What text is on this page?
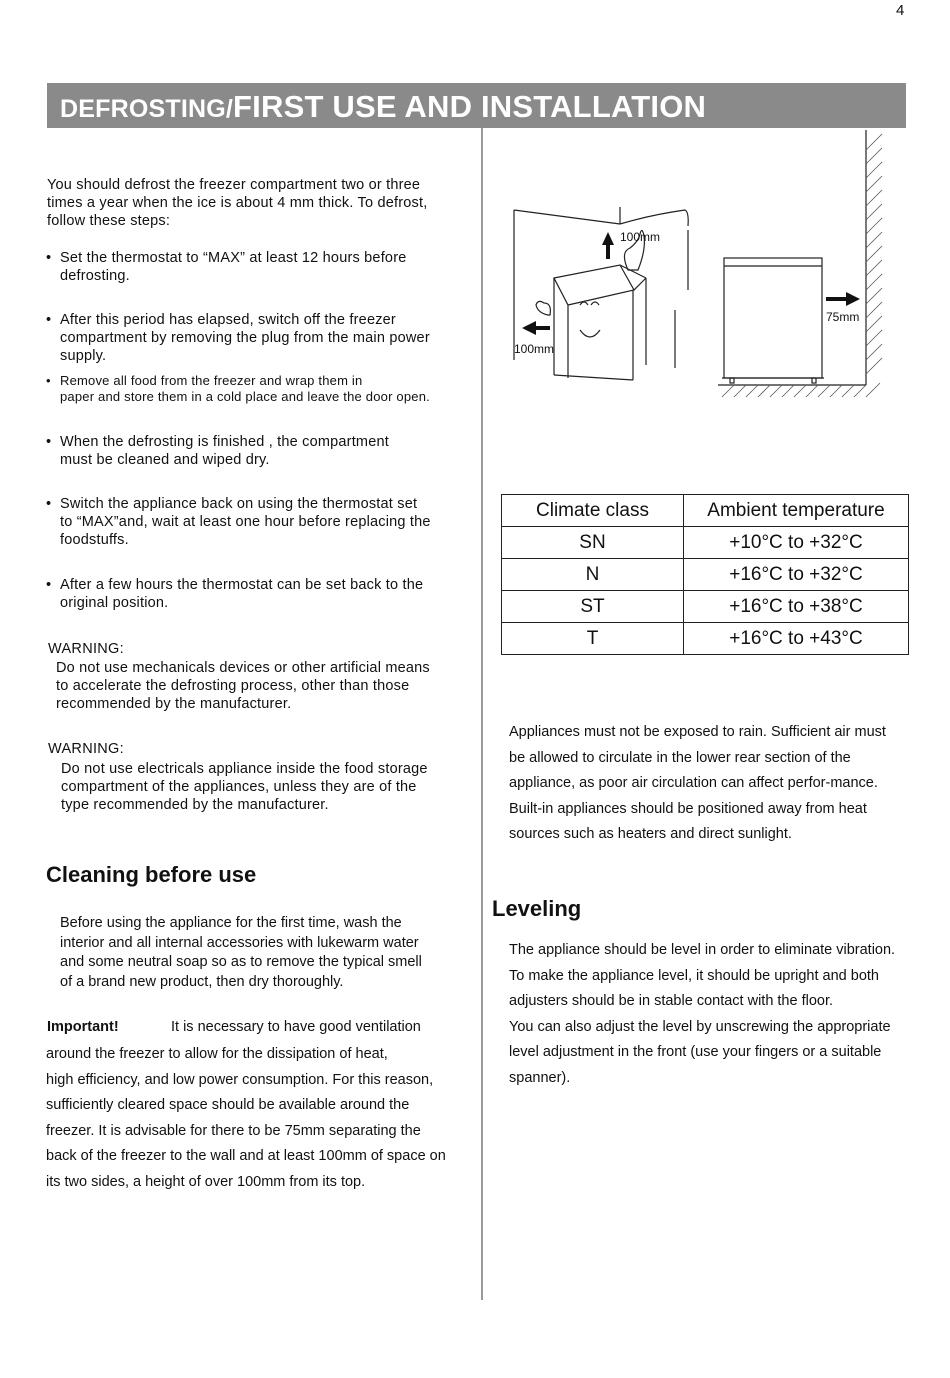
4
DEFROSTING/FIRST USE AND INSTALLATION
You should defrost the freezer compartment two or three
times a year when the ice is about 4 mm thick. To defrost,
follow these steps:
• Set the thermostat to “MAX” at least 12 hours before
defrosting.
• After this period has elapsed, switch off the freezer
compartment by removing the plug from the main power
supply.
• Remove all food from the freezer and wrap them in
paper and store them in a cold place and leave the door open.
• When the defrosting is finished , the compartment
must be cleaned and wiped dry.
• Switch the appliance back on using the thermostat set
to “MAX”and, wait at least one hour before replacing the
foodstuffs.
• After a few hours the thermostat can be set back to the
original position.
WARNING:
Do not use mechanicals devices or other artificial means
to accelerate the defrosting process, other than those
recommended by the manufacturer.
WARNING:
Do not use electricals appliance inside the food storage
compartment of the appliances, unless they are of the
type recommended by the manufacturer.
Cleaning before use
Before using the appliance for the first time, wash the
interior and all internal accessories with lukewarm water
and some neutral soap so as to remove the typical smell
of a brand new product, then dry thoroughly.
Important!	It is necessary to have good ventilation
around the freezer to allow for the dissipation of heat,
high efficiency, and low power consumption. For this reason,
sufficiently cleared space should be available around the
freezer. It is advisable for there to be 75mm separating the
back of the freezer to the wall and at least 100mm of space on
its two sides, a height of over 100mm from its top.
100mm
100mm
75mm
Climate class	Ambient temperature
SN	+10°C to +32°C
N	+16°C to +32°C
ST	+16°C to +38°C
T	+16°C to +43°C
Appliances must not be exposed to rain. Sufficient air must
be allowed to circulate in the lower rear section of the
appliance, as poor air circulation can affect perfor-mance.
Built-in appliances should be positioned away from heat
sources such as heaters and direct sunlight.
Leveling
The appliance should be level in order to eliminate vibration.
To make the appliance level, it should be upright and both
adjusters should be in stable contact with the floor.
You can also adjust the level by unscrewing the appropriate
level adjustment in the front (use your fingers or a suitable
spanner).
